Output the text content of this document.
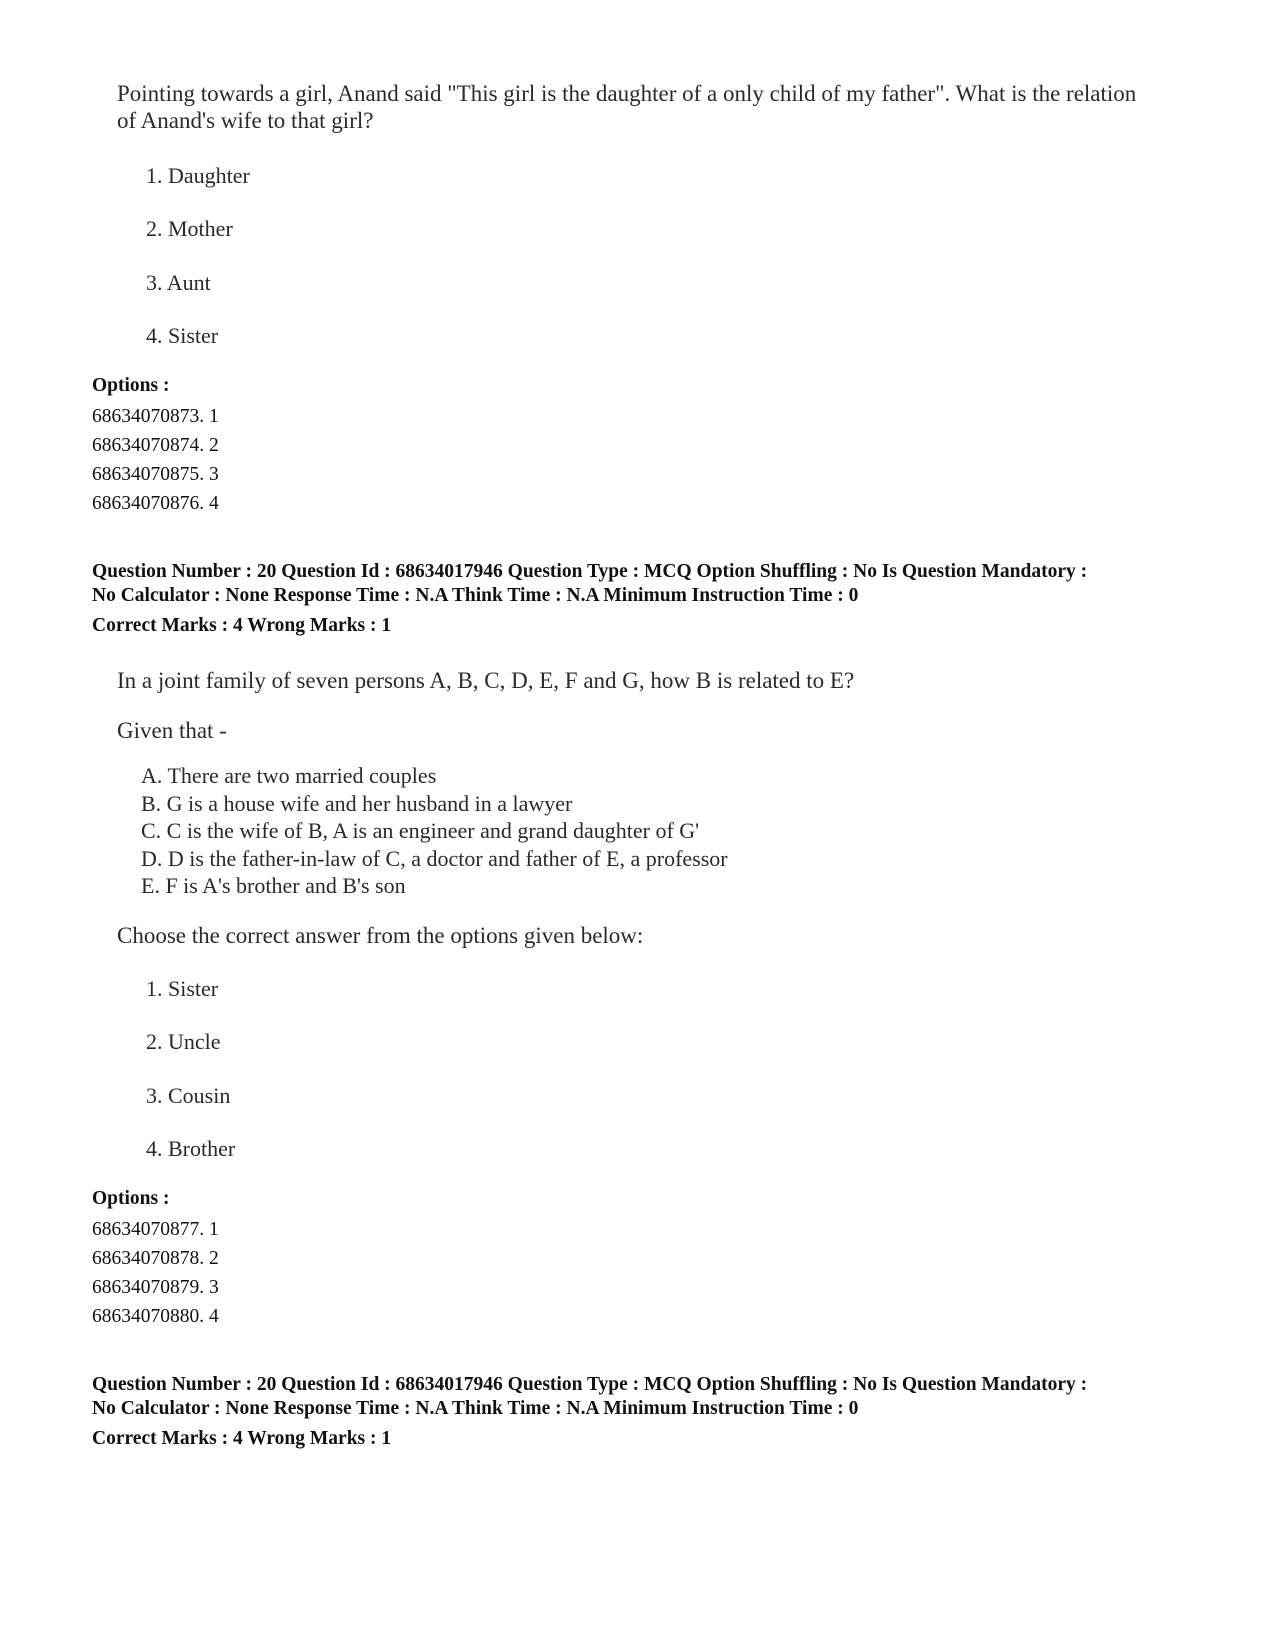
Pointing towards a girl, Anand said "This girl is the daughter of a only child of my father". What is the relation
of Anand's wife to that girl?
1. Daughter
2. Mother
3. Aunt
4. Sister
Options :
68634070873. 1
68634070874. 2
68634070875. 3
68634070876. 4
Question Number : 20 Question Id : 68634017946 Question Type : MCQ Option Shuffling : No Is Question Mandatory :
No Calculator : None Response Time : N.A Think Time : N.A Minimum Instruction Time : 0
Correct Marks : 4 Wrong Marks : 1
In a joint family of seven persons A, B, C, D, E, F and G, how B is related to E?
Given that -
A. There are two married couples
B. G is a house wife and her husband in a lawyer
C. C is the wife of B, A is an engineer and grand daughter of G'
D. D is the father-in-law of C, a doctor and father of E, a professor
E. F is A's brother and B's son
Choose the correct answer from the options given below:
1. Sister
2. Uncle
3. Cousin
4. Brother
Options :
68634070877. 1
68634070878. 2
68634070879. 3
68634070880. 4
Question Number : 20 Question Id : 68634017946 Question Type : MCQ Option Shuffling : No Is Question Mandatory :
No Calculator : None Response Time : N.A Think Time : N.A Minimum Instruction Time : 0
Correct Marks : 4 Wrong Marks : 1
